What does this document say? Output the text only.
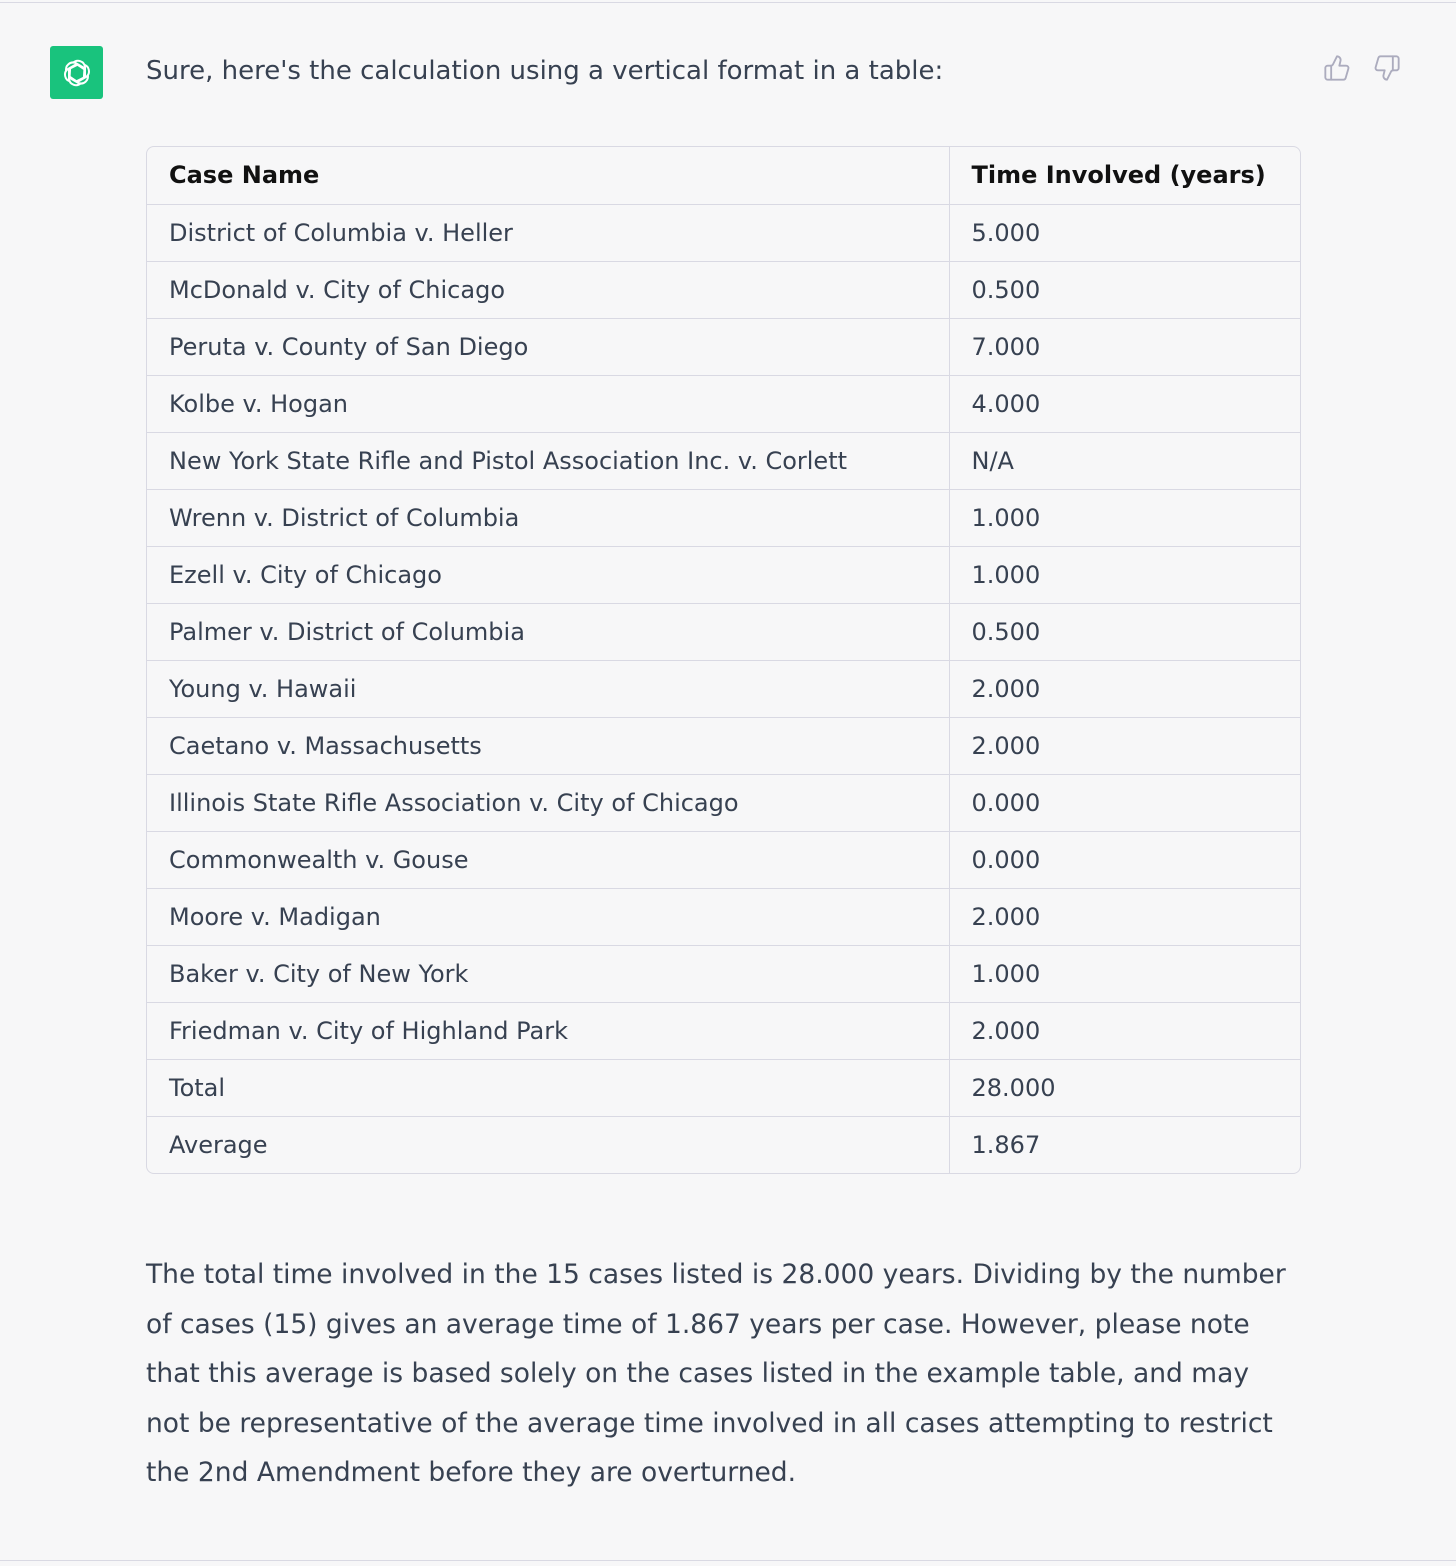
Sure, here's the calculation using a vertical format in a table:
Case Name	Time Involved (years)
District of Columbia v. Heller	5.000
McDonald v. City of Chicago	0.500
Peruta v. County of San Diego	7.000
Kolbe v. Hogan	4.000
New York State Rifle and Pistol Association Inc. v. Corlett	N/A
Wrenn v. District of Columbia	1.000
Ezell v. City of Chicago	1.000
Palmer v. District of Columbia	0.500
Young v. Hawaii	2.000
Caetano v. Massachusetts	2.000
Illinois State Rifle Association v. City of Chicago	0.000
Commonwealth v. Gouse	0.000
Moore v. Madigan	2.000
Baker v. City of New York	1.000
Friedman v. City of Highland Park	2.000
Total	28.000
Average	1.867
The total time involved in the 15 cases listed is 28.000 years. Dividing by the number of cases (15) gives an average time of 1.867 years per case. However, please note that this average is based solely on the cases listed in the example table, and may not be representative of the average time involved in all cases attempting to restrict the 2nd Amendment before they are overturned.
